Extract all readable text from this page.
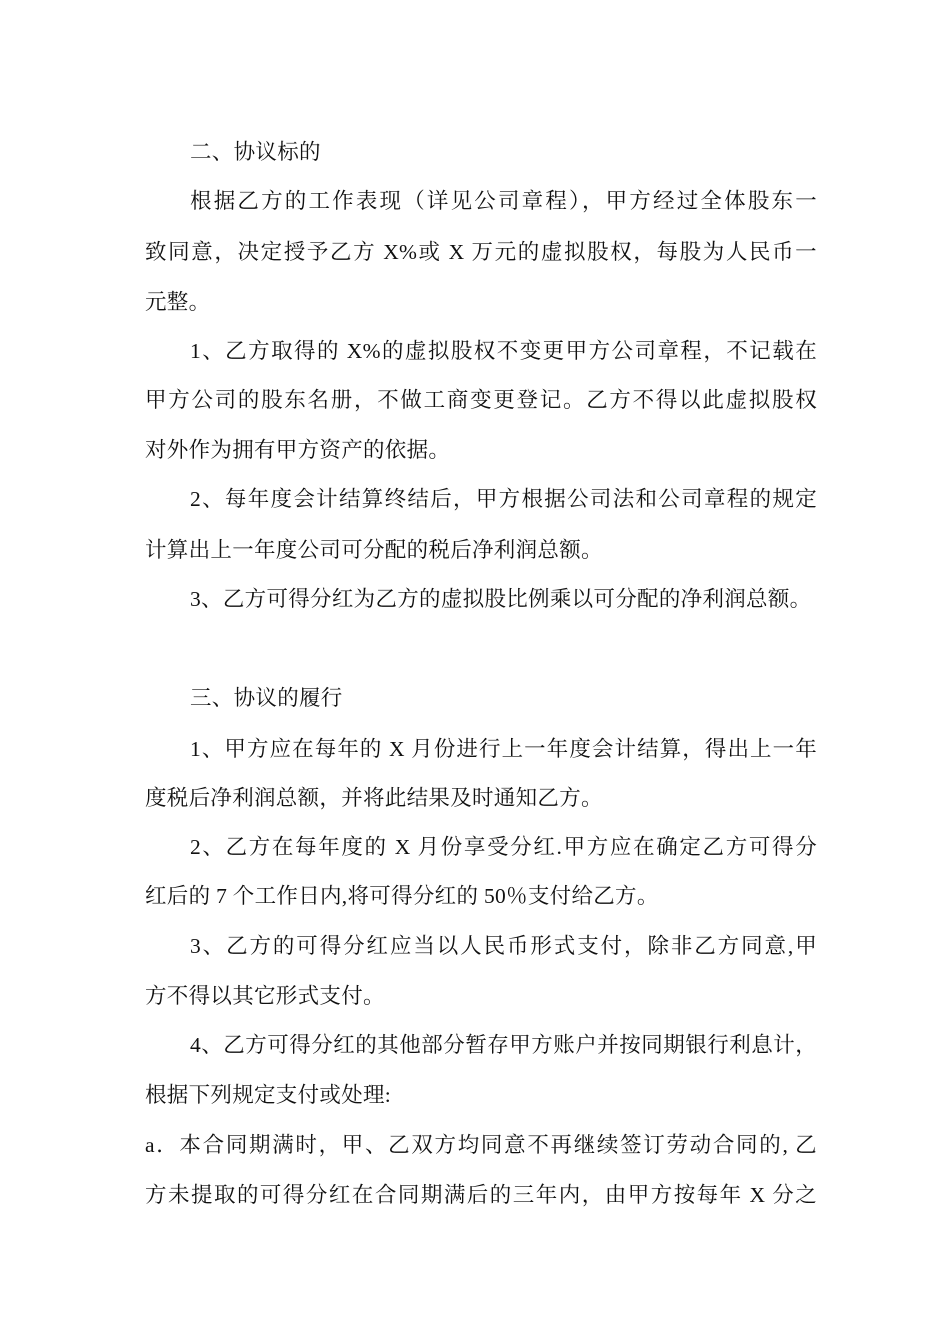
二、协议标的
根据乙方的工作表现（详见公司章程），甲方经过全体股东一
致同意，决定授予乙方 X%或 X 万元的虚拟股权，每股为人民币一
元整。
1、乙方取得的 X%的虚拟股权不变更甲方公司章程，不记载在
甲方公司的股东名册，不做工商变更登记。乙方不得以此虚拟股权
对外作为拥有甲方资产的依据。
2、每年度会计结算终结后，甲方根据公司法和公司章程的规定
计算出上一年度公司可分配的税后净利润总额。
3、乙方可得分红为乙方的虚拟股比例乘以可分配的净利润总额。
三、协议的履行
1、甲方应在每年的 X 月份进行上一年度会计结算，得出上一年
度税后净利润总额，并将此结果及时通知乙方。
2、乙方在每年度的 X 月份享受分红.甲方应在确定乙方可得分
红后的 7 个工作日内,将可得分红的 50％支付给乙方。
3、乙方的可得分红应当以人民币形式支付，除非乙方同意,甲
方不得以其它形式支付。
4、乙方可得分红的其他部分暂存甲方账户并按同期银行利息计，
根据下列规定支付或处理:
a．本合同期满时，甲、乙双方均同意不再继续签订劳动合同的, 乙
方未提取的可得分红在合同期满后的三年内，由甲方按每年 X 分之
